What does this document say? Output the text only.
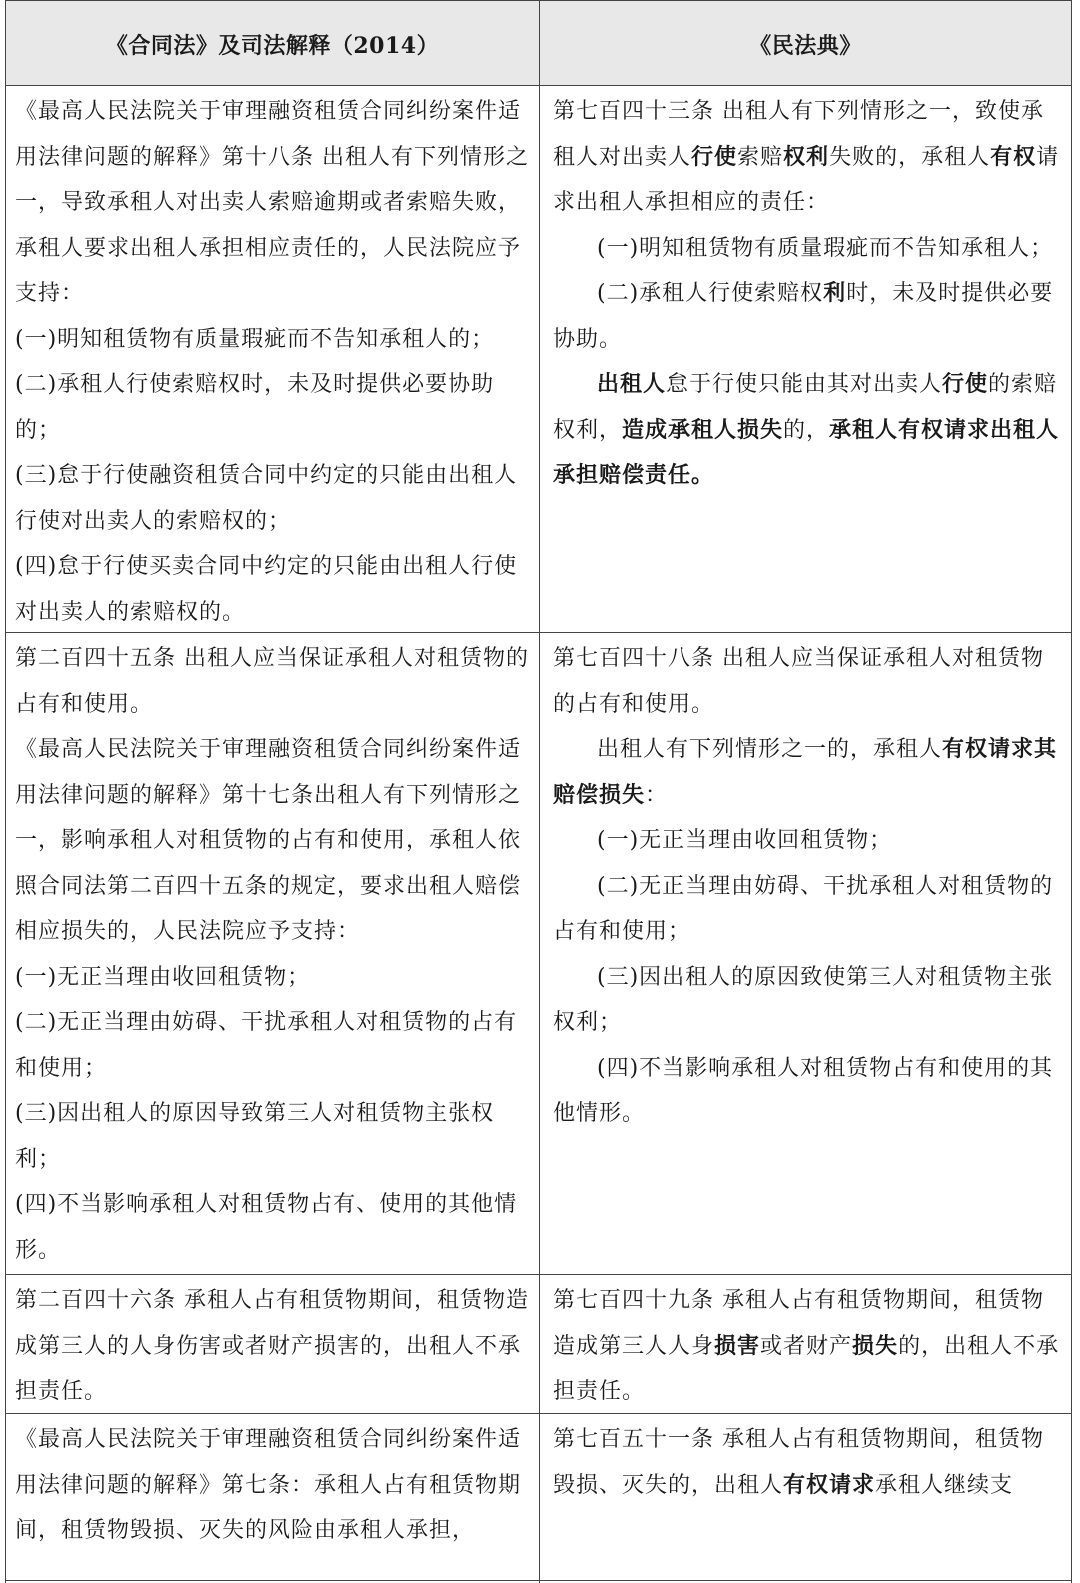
《合同法》及司法解释（2014）	《民法典》

《最高人民法院关于审理融资租赁合同纠纷案件适用法律问题的解释》第十八条 出租人有下列情形之一，导致承租人对出卖人索赔逾期或者索赔失败，承租人要求出租人承担相应责任的，人民法院应予支持：

(一)明知租赁物有质量瑕疵而不告知承租人的；

(二)承租人行使索赔权时，未及时提供必要协助的；

(三)怠于行使融资租赁合同中约定的只能由出租人行使对出卖人的索赔权的；

(四)怠于行使买卖合同中约定的只能由出租人行使对出卖人的索赔权的。

第七百四十三条 出租人有下列情形之一，致使承租人对出卖人行使索赔权利失败的，承租人有权请求出租人承担相应的责任：

(一)明知租赁物有质量瑕疵而不告知承租人；

(二)承租人行使索赔权利时，未及时提供必要协助。

出租人怠于行使只能由其对出卖人行使的索赔权利，造成承租人损失的，承租人有权请求出租人承担赔偿责任。

第二百四十五条 出租人应当保证承租人对租赁物的占有和使用。

《最高人民法院关于审理融资租赁合同纠纷案件适用法律问题的解释》第十七条出租人有下列情形之一，影响承租人对租赁物的占有和使用，承租人依照合同法第二百四十五条的规定，要求出租人赔偿相应损失的，人民法院应予支持：

(一)无正当理由收回租赁物；

(二)无正当理由妨碍、干扰承租人对租赁物的占有和使用；

(三)因出租人的原因导致第三人对租赁物主张权利；

(四)不当影响承租人对租赁物占有、使用的其他情形。

第七百四十八条 出租人应当保证承租人对租赁物的占有和使用。

出租人有下列情形之一的，承租人有权请求其赔偿损失：

(一)无正当理由收回租赁物；

(二)无正当理由妨碍、干扰承租人对租赁物的占有和使用；

(三)因出租人的原因致使第三人对租赁物主张权利；

(四)不当影响承租人对租赁物占有和使用的其他情形。

第二百四十六条 承租人占有租赁物期间，租赁物造成第三人的人身伤害或者财产损害的，出租人不承担责任。

第七百四十九条 承租人占有租赁物期间，租赁物造成第三人人身损害或者财产损失的，出租人不承担责任。

《最高人民法院关于审理融资租赁合同纠纷案件适用法律问题的解释》第七条：承租人占有租赁物期间，租赁物毁损、灭失的风险由承租人承担，

第七百五十一条 承租人占有租赁物期间，租赁物毁损、灭失的，出租人有权请求承租人继续支
